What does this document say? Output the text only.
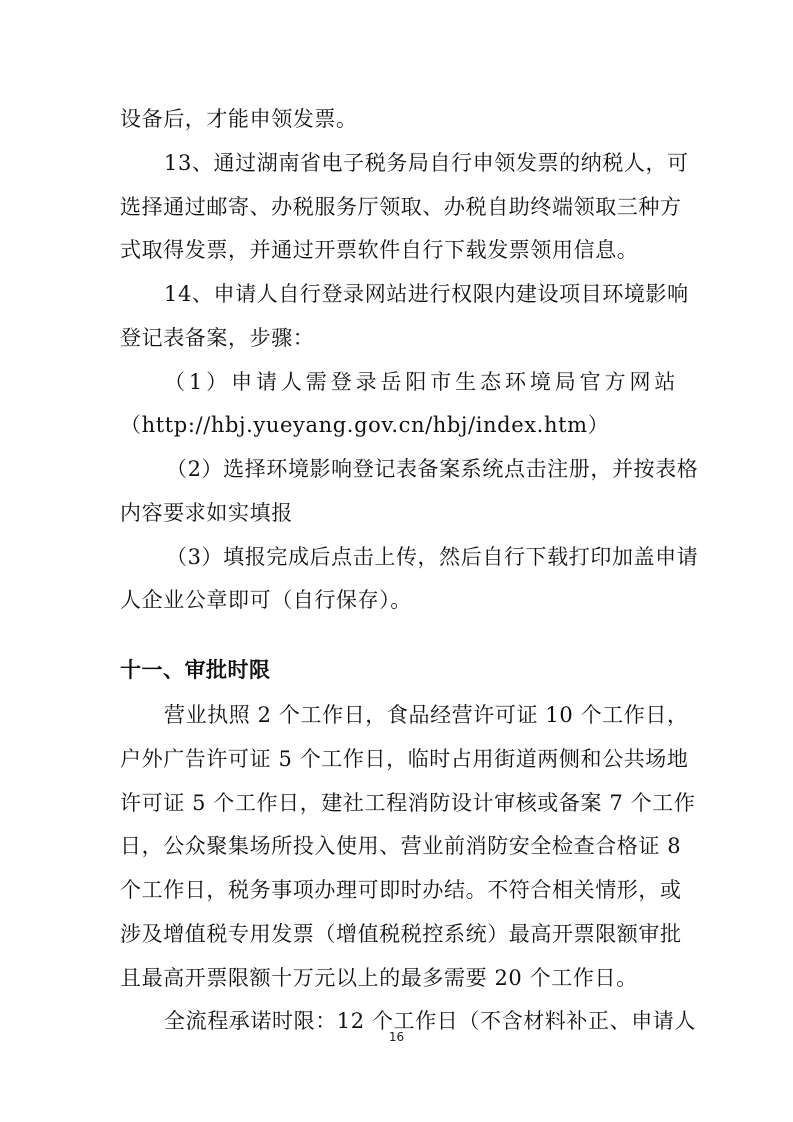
设备后，才能申领发票。
13、通过湖南省电子税务局自行申领发票的纳税人，可
选择通过邮寄、办税服务厅领取、办税自助终端领取三种方
式取得发票，并通过开票软件自行下载发票领用信息。
14、申请人自行登录网站进行权限内建设项目环境影响
登记表备案，步骤：
（1）申请人需登录岳阳市生态环境局官方网站
（http://hbj.yueyang.gov.cn/hbj/index.htm）
（2）选择环境影响登记表备案系统点击注册，并按表格
内容要求如实填报
（3）填报完成后点击上传，然后自行下载打印加盖申请
人企业公章即可（自行保存）。
十一、审批时限
营业执照 2 个工作日，食品经营许可证 10 个工作日，
户外广告许可证 5 个工作日，临时占用街道两侧和公共场地
许可证 5 个工作日，建社工程消防设计审核或备案 7 个工作
日，公众聚集场所投入使用、营业前消防安全检查合格证 8
个工作日，税务事项办理可即时办结。不符合相关情形，或
涉及增值税专用发票（增值税税控系统）最高开票限额审批
且最高开票限额十万元以上的最多需要 20 个工作日。
全流程承诺时限：12 个工作日（不含材料补正、申请人
16
